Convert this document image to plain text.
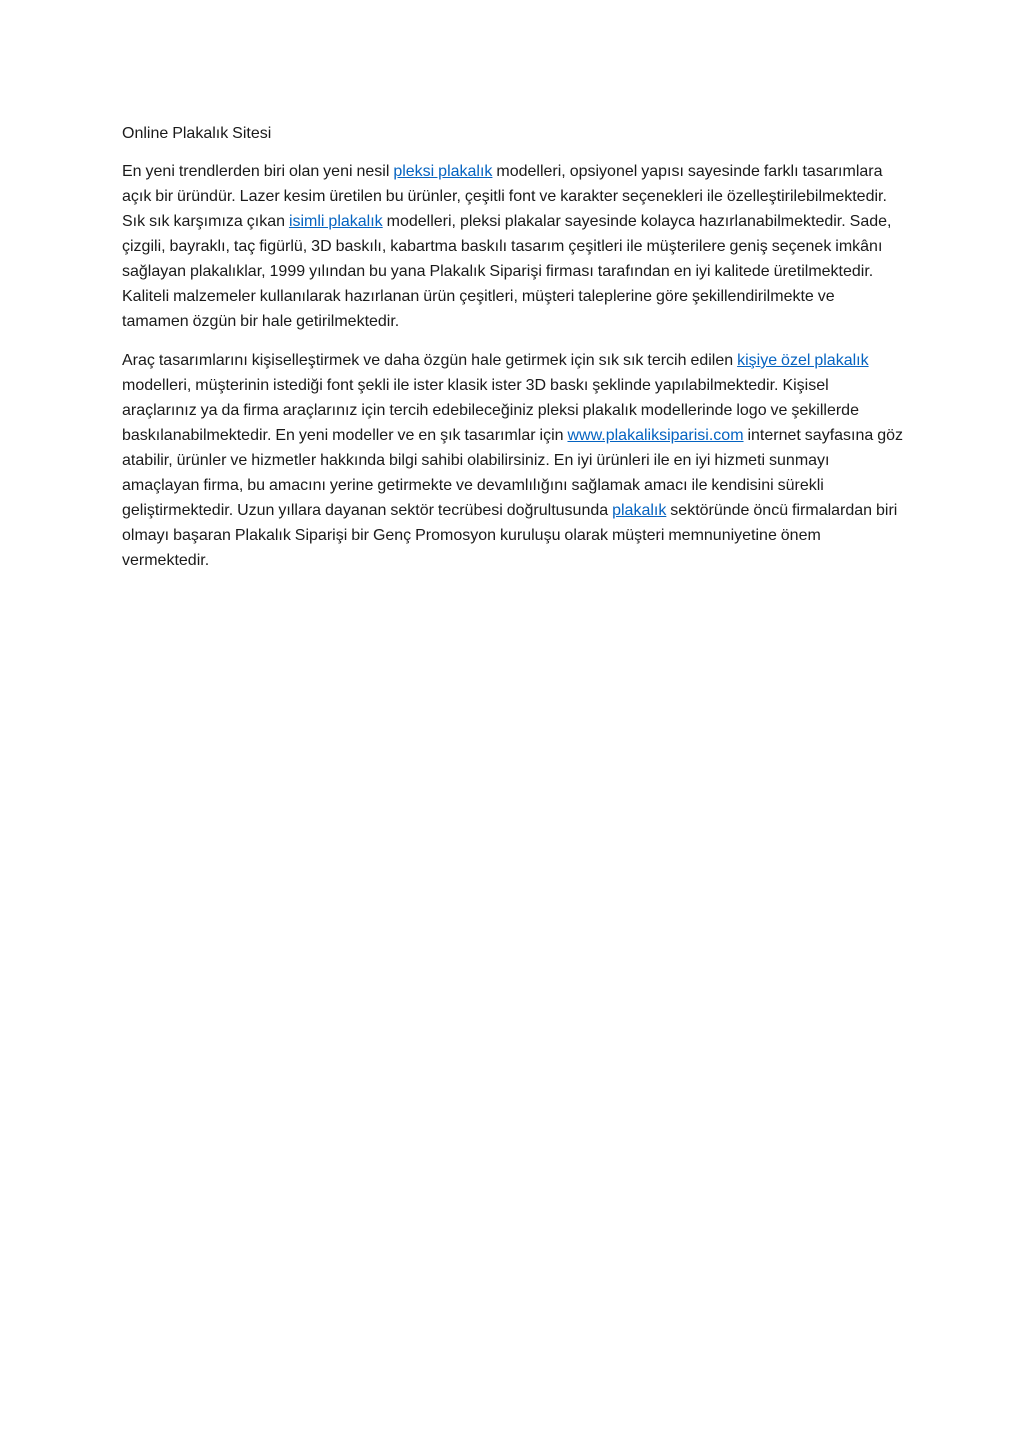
Online Plakalık Sitesi

En yeni trendlerden biri olan yeni nesil pleksi plakalık modelleri, opsiyonel yapısı sayesinde farklı tasarımlara açık bir üründür. Lazer kesim üretilen bu ürünler, çeşitli font ve karakter seçenekleri ile özelleştirilebilmektedir. Sık sık karşımıza çıkan isimli plakalık modelleri, pleksi plakalar sayesinde kolayca hazırlanabilmektedir. Sade, çizgili, bayraklı, taç figürlü, 3D baskılı, kabartma baskılı tasarım çeşitleri ile müşterilere geniş seçenek imkânı sağlayan plakalıklar, 1999 yılından bu yana Plakalık Siparişi firması tarafından en iyi kalitede üretilmektedir. Kaliteli malzemeler kullanılarak hazırlanan ürün çeşitleri, müşteri taleplerine göre şekillendirilmekte ve tamamen özgün bir hale getirilmektedir.

Araç tasarımlarını kişiselleştirmek ve daha özgün hale getirmek için sık sık tercih edilen kişiye özel plakalık modelleri, müşterinin istediği font şekli ile ister klasik ister 3D baskı şeklinde yapılabilmektedir. Kişisel araçlarınız ya da firma araçlarınız için tercih edebileceğiniz pleksi plakalık modellerinde logo ve şekillerde baskılanabilmektedir. En yeni modeller ve en şık tasarımlar için www.plakaliksiparisi.com internet sayfasına göz atabilir, ürünler ve hizmetler hakkında bilgi sahibi olabilirsiniz. En iyi ürünleri ile en iyi hizmeti sunmayı amaçlayan firma, bu amacını yerine getirmekte ve devamlılığını sağlamak amacı ile kendisini sürekli geliştirmektedir. Uzun yıllara dayanan sektör tecrübesi doğrultusunda plakalık sektöründe öncü firmalardan biri olmayı başaran Plakalık Siparişi bir Genç Promosyon kuruluşu olarak müşteri memnuniyetine önem vermektedir.
